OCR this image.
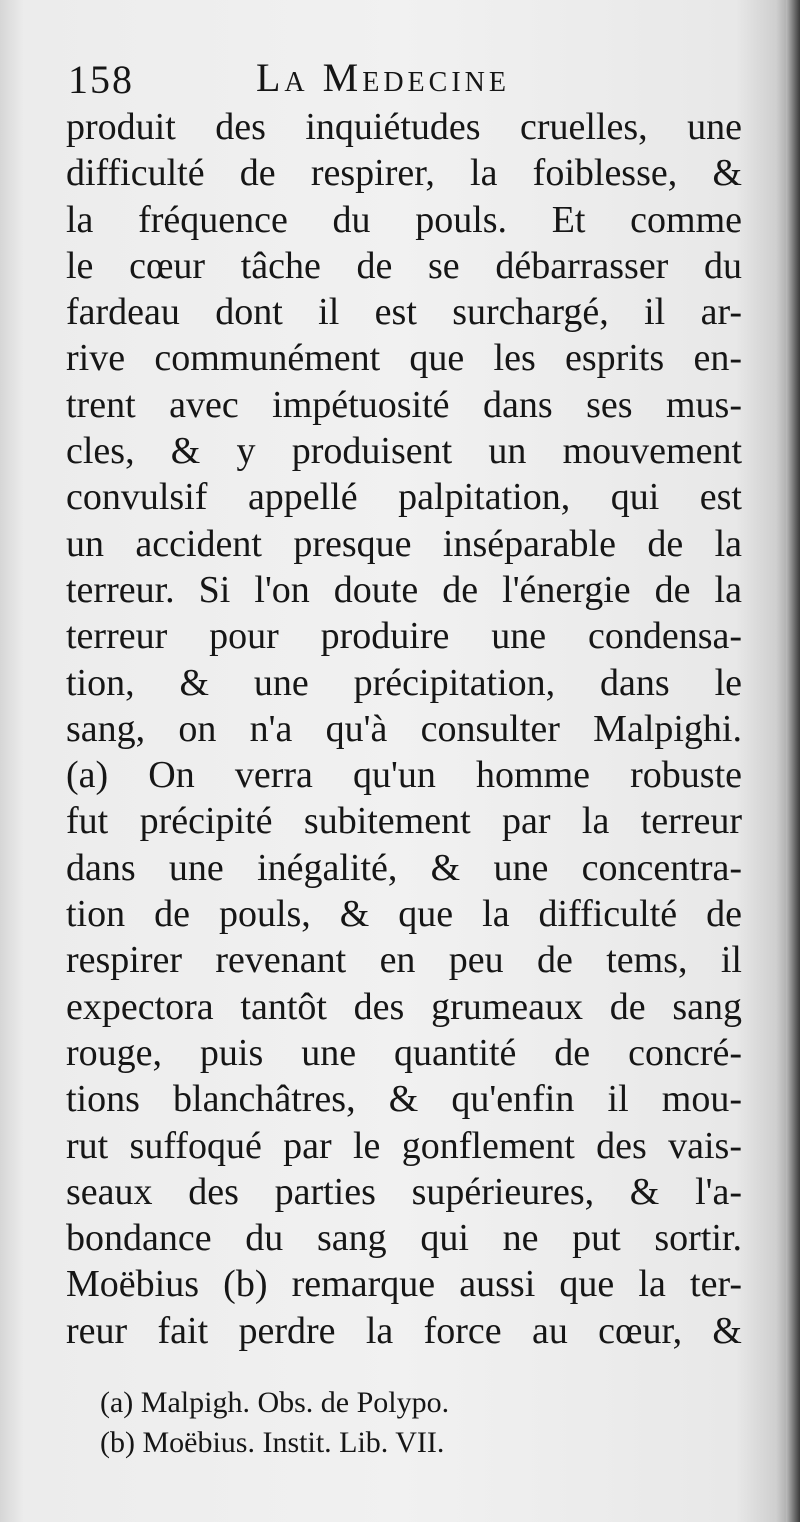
158	La Medecine
produit des inquiétudes cruelles, une
difficulté de respirer, la foiblesse, &
la fréquence du pouls. Et comme
le cœur tâche de se débarrasser du
fardeau dont il est surchargé, il ar-
rive communément que les esprits en-
trent avec impétuosité dans ses mus-
cles, & y produisent un mouvement
convulsif appellé palpitation, qui est
un accident presque inséparable de la
terreur. Si l'on doute de l'énergie de la
terreur pour produire une condensa-
tion, & une précipitation, dans le
sang, on n'a qu'à consulter Malpighi.
(a) On verra qu'un homme robuste
fut précipité subitement par la terreur
dans une inégalité, & une concentra-
tion de pouls, & que la difficulté de
respirer revenant en peu de tems, il
expectora tantôt des grumeaux de sang
rouge, puis une quantité de concré-
tions blanchâtres, & qu'enfin il mou-
rut suffoqué par le gonflement des vais-
seaux des parties supérieures, & l'a-
bondance du sang qui ne put sortir.
Moëbius (b) remarque aussi que la ter-
reur fait perdre la force au cœur, &
(a) Malpigh. Obs. de Polypo.
(b) Moëbius. Instit. Lib. VII.
